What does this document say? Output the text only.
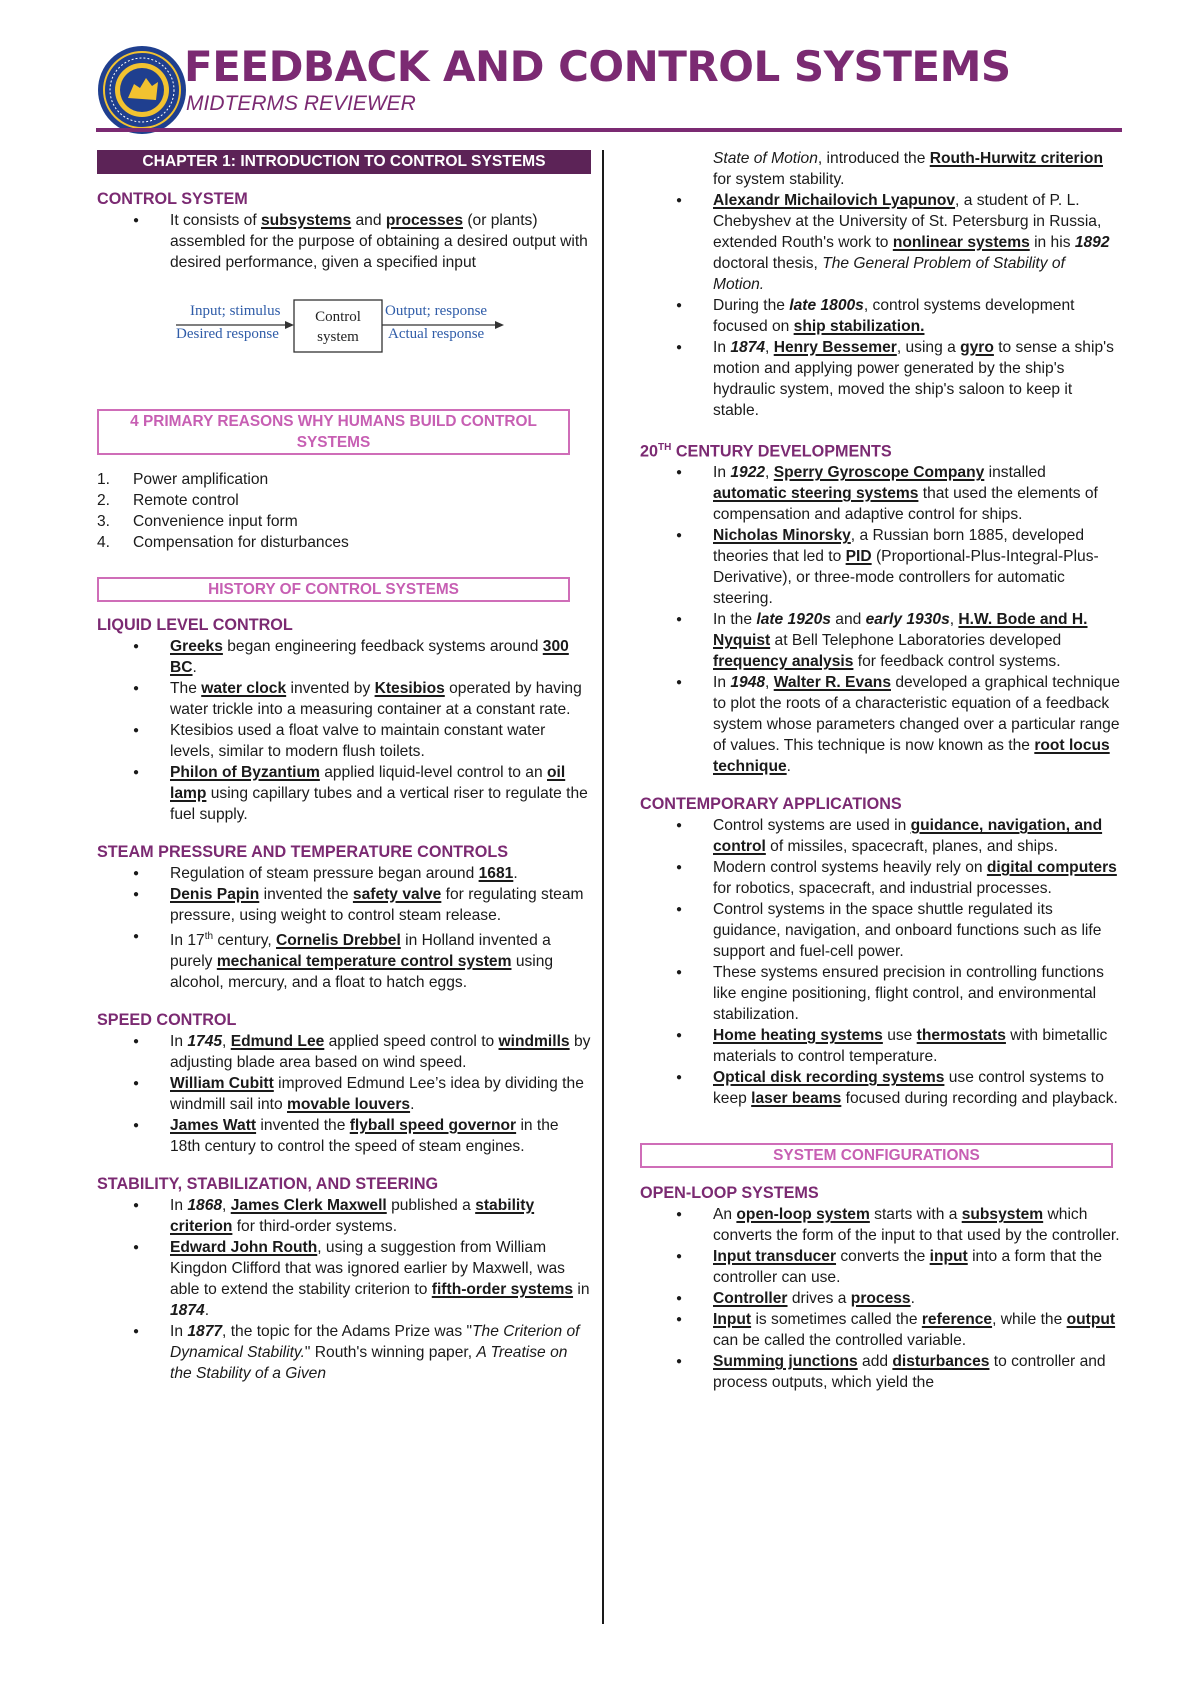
FEEDBACK AND CONTROL SYSTEMS
MIDTERMS REVIEWER
CHAPTER 1: INTRODUCTION TO CONTROL SYSTEMS

CONTROL SYSTEM

● It consists of subsystems and processes (or plants) assembled for the purpose of obtaining a desired output with desired performance, given a specified input
Input; stimulus
Desired response
Output; response
Actual response
Control
system
4 PRIMARY REASONS WHY HUMANS BUILD CONTROL SYSTEMS
1. Power amplification
2. Remote control
3. Convenience input form
4. Compensation for disturbances
HISTORY OF CONTROL SYSTEMS

LIQUID LEVEL CONTROL

● Greeks began engineering feedback systems around 300 BC.
● The water clock invented by Ktesibios operated by having water trickle into a measuring container at a constant rate.
● Ktesibios used a float valve to maintain constant water levels, similar to modern flush toilets.
● Philon of Byzantium applied liquid-level control to an oil lamp using capillary tubes and a vertical riser to regulate the fuel supply.

STEAM PRESSURE AND TEMPERATURE CONTROLS

● Regulation of steam pressure began around 1681.
● Denis Papin invented the safety valve for regulating steam pressure, using weight to control steam release.
● In 17th century, Cornelis Drebbel in Holland invented a purely mechanical temperature control system using alcohol, mercury, and a float to hatch eggs.

SPEED CONTROL

● In 1745, Edmund Lee applied speed control to windmills by adjusting blade area based on wind speed.
● William Cubitt improved Edmund Lee’s idea by dividing the windmill sail into movable louvers.
● James Watt invented the flyball speed governor in the 18th century to control the speed of steam engines.

STABILITY, STABILIZATION, AND STEERING

● In 1868, James Clerk Maxwell published a stability criterion for third-order systems.
● Edward John Routh, using a suggestion from William Kingdon Clifford that was ignored earlier by Maxwell, was able to extend the stability criterion to fifth-order systems in 1874.
● In 1877, the topic for the Adams Prize was "The Criterion of Dynamical Stability." Routh's winning paper, A Treatise on the Stability of a Given
State of Motion, introduced the Routh-Hurwitz criterion for system stability.
● Alexandr Michailovich Lyapunov, a student of P. L. Chebyshev at the University of St. Petersburg in Russia, extended Routh's work to nonlinear systems in his 1892 doctoral thesis, The General Problem of Stability of Motion.
● During the late 1800s, control systems development focused on ship stabilization.
● In 1874, Henry Bessemer, using a gyro to sense a ship's motion and applying power generated by the ship's hydraulic system, moved the ship's saloon to keep it stable.

20TH CENTURY DEVELOPMENTS

● In 1922, Sperry Gyroscope Company installed automatic steering systems that used the elements of compensation and adaptive control for ships.
● Nicholas Minorsky, a Russian born 1885, developed theories that led to PID (Proportional-Plus-Integral-Plus-Derivative), or three-mode controllers for automatic steering.
● In the late 1920s and early 1930s, H.W. Bode and H. Nyquist at Bell Telephone Laboratories developed frequency analysis for feedback control systems.
● In 1948, Walter R. Evans developed a graphical technique to plot the roots of a characteristic equation of a feedback system whose parameters changed over a particular range of values. This technique is now known as the root locus technique.

CONTEMPORARY APPLICATIONS

● Control systems are used in guidance, navigation, and control of missiles, spacecraft, planes, and ships.
● Modern control systems heavily rely on digital computers for robotics, spacecraft, and industrial processes.
● Control systems in the space shuttle regulated its guidance, navigation, and onboard functions such as life support and fuel-cell power.
● These systems ensured precision in controlling functions like engine positioning, flight control, and environmental stabilization.
● Home heating systems use thermostats with bimetallic materials to control temperature.
● Optical disk recording systems use control systems to keep laser beams focused during recording and playback.
SYSTEM CONFIGURATIONS

OPEN-LOOP SYSTEMS

● An open-loop system starts with a subsystem which converts the form of the input to that used by the controller.
● Input transducer converts the input into a form that the controller can use.
● Controller drives a process.
● Input is sometimes called the reference, while the output can be called the controlled variable.
● Summing junctions add disturbances to controller and process outputs, which yield the
